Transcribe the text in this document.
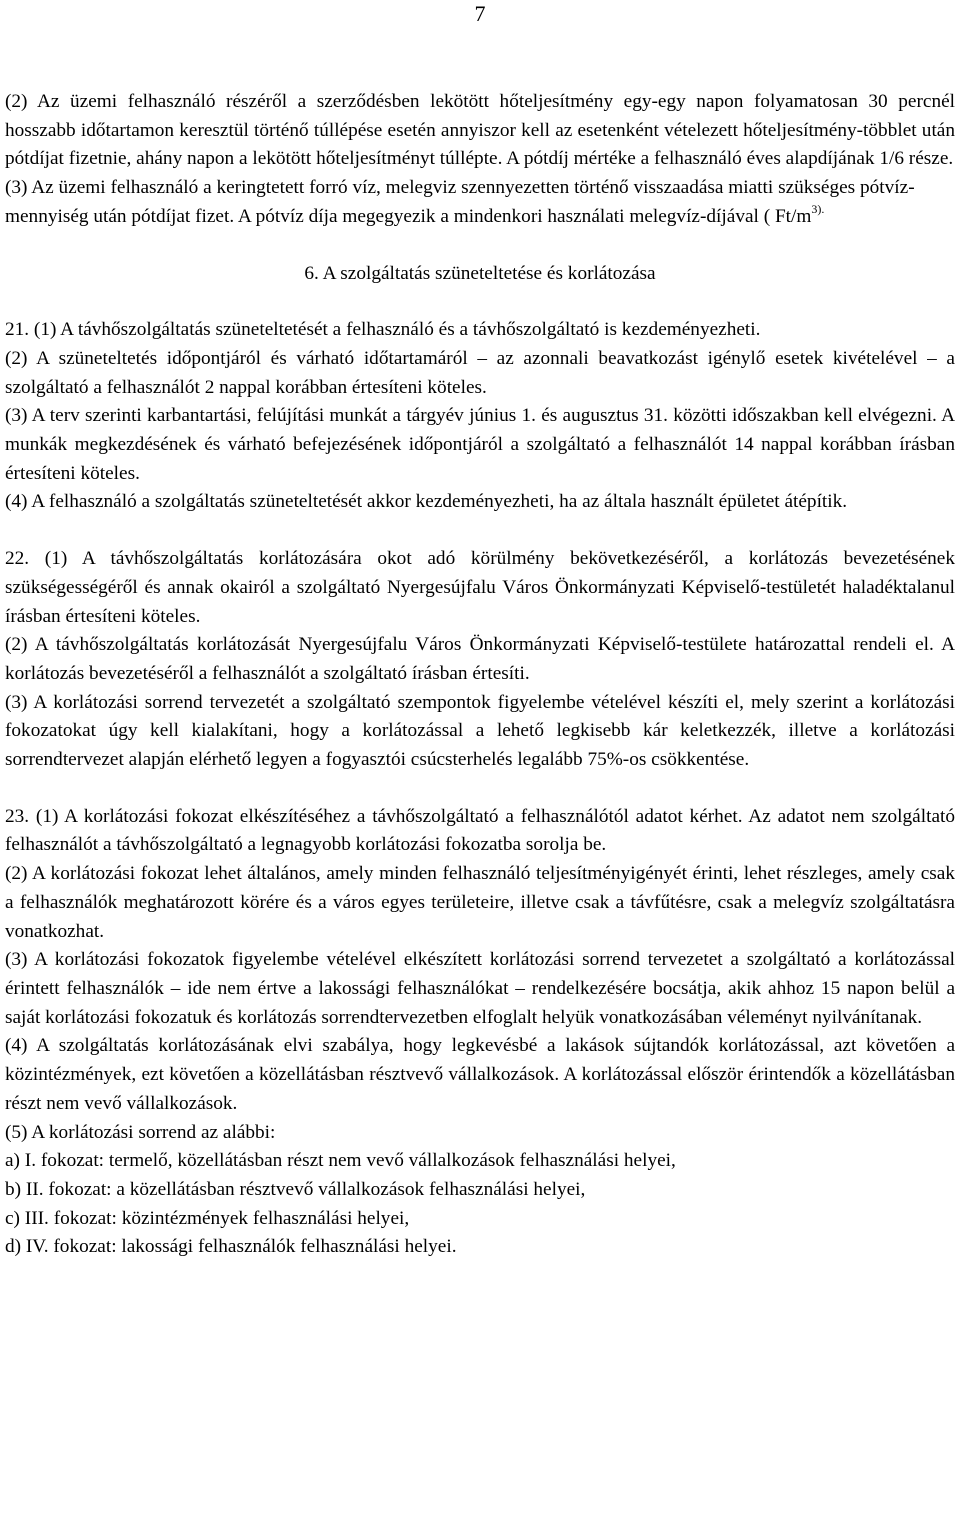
7

(2) Az üzemi felhasználó részéről a szerződésben lekötött hőteljesítmény egy-egy napon folyamatosan 30 percnél hosszabb időtartamon keresztül történő túllépése esetén annyiszor kell az esetenként vételezett hőteljesítmény-többlet után pótdíjat fizetnie, ahány napon a lekötött hőteljesítményt túllépte. A pótdíj mértéke a felhasználó éves alapdíjának 1/6 része.

(3) Az üzemi felhasználó a keringtetett forró víz, melegviz szennyezetten történő visszaadása miatti szükséges pótvíz-mennyiség után pótdíjat fizet. A pótvíz díja megegyezik a mindenkori használati melegvíz-díjával ( $Ft/m^{3).}$

6. A szolgáltatás szüneteltetése és korlátozása

21. (1) A távhőszolgáltatás szüneteltetését a felhasználó és a távhőszolgáltató is kezdeményezheti.

(2) A szüneteltetés időpontjáról és várható időtartamáról – az azonnali beavatkozást igénylő esetek kivételével – a szolgáltató a felhasználót 2 nappal korábban értesíteni köteles.

(3) A terv szerinti karbantartási, felújítási munkát a tárgyév június 1. és augusztus 31. közötti időszakban kell elvégezni. A munkák megkezdésének és várható befejezésének időpontjáról a szolgáltató a felhasználót 14 nappal korábban írásban értesíteni köteles.

(4) A felhasználó a szolgáltatás szüneteltetését akkor kezdeményezheti, ha az általa használt épületet átépítik.

22. (1) A távhőszolgáltatás korlátozására okot adó körülmény bekövetkezéséről, a korlátozás bevezetésének szükségességéről és annak okairól a szolgáltató Nyergesújfalu Város Önkormányzati Képviselő-testületét haladéktalanul írásban értesíteni köteles.

(2) A távhőszolgáltatás korlátozását Nyergesújfalu Város Önkormányzati Képviselő-testülete határozattal rendeli el. A korlátozás bevezetéséről a felhasználót a szolgáltató írásban értesíti.

(3) A korlátozási sorrend tervezetét a szolgáltató szempontok figyelembe vételével készíti el, mely szerint a korlátozási fokozatokat úgy kell kialakítani, hogy a korlátozással a lehető legkisebb kár keletkezzék, illetve a korlátozási sorrendtervezet alapján elérhető legyen a fogyasztói csúcsterhelés legalább 75%-os csökkentése.

23. (1) A korlátozási fokozat elkészítéséhez a távhőszolgáltató a felhasználótól adatot kérhet. Az adatot nem szolgáltató felhasználót a távhőszolgáltató a legnagyobb korlátozási fokozatba sorolja be.

(2) A korlátozási fokozat lehet általános, amely minden felhasználó teljesítményigényét érinti, lehet részleges, amely csak a felhasználók meghatározott körére és a város egyes területeire, illetve csak a távfűtésre, csak a melegvíz szolgáltatásra vonatkozhat.

(3) A korlátozási fokozatok figyelembe vételével elkészített korlátozási sorrend tervezetet a szolgáltató a korlátozással érintett felhasználók – ide nem értve a lakossági felhasználókat – rendelkezésére bocsátja, akik ahhoz 15 napon belül a saját korlátozási fokozatuk és korlátozás sorrendtervezetben elfoglalt helyük vonatkozásában véleményt nyilvánítanak.

(4) A szolgáltatás korlátozásának elvi szabálya, hogy legkevésbé a lakások sújtandók korlátozással, azt követően a közintézmények, ezt követően a közellátásban résztvevő vállalkozások. A korlátozással először érintendők a közellátásban részt nem vevő vállalkozások.

(5) A korlátozási sorrend az alábbi:

a) I. fokozat: termelő, közellátásban részt nem vevő vállalkozások felhasználási helyei,

b) II. fokozat: a közellátásban résztvevő vállalkozások felhasználási helyei,

c) III. fokozat: közintézmények felhasználási helyei,

d) IV. fokozat: lakossági felhasználók felhasználási helyei.
